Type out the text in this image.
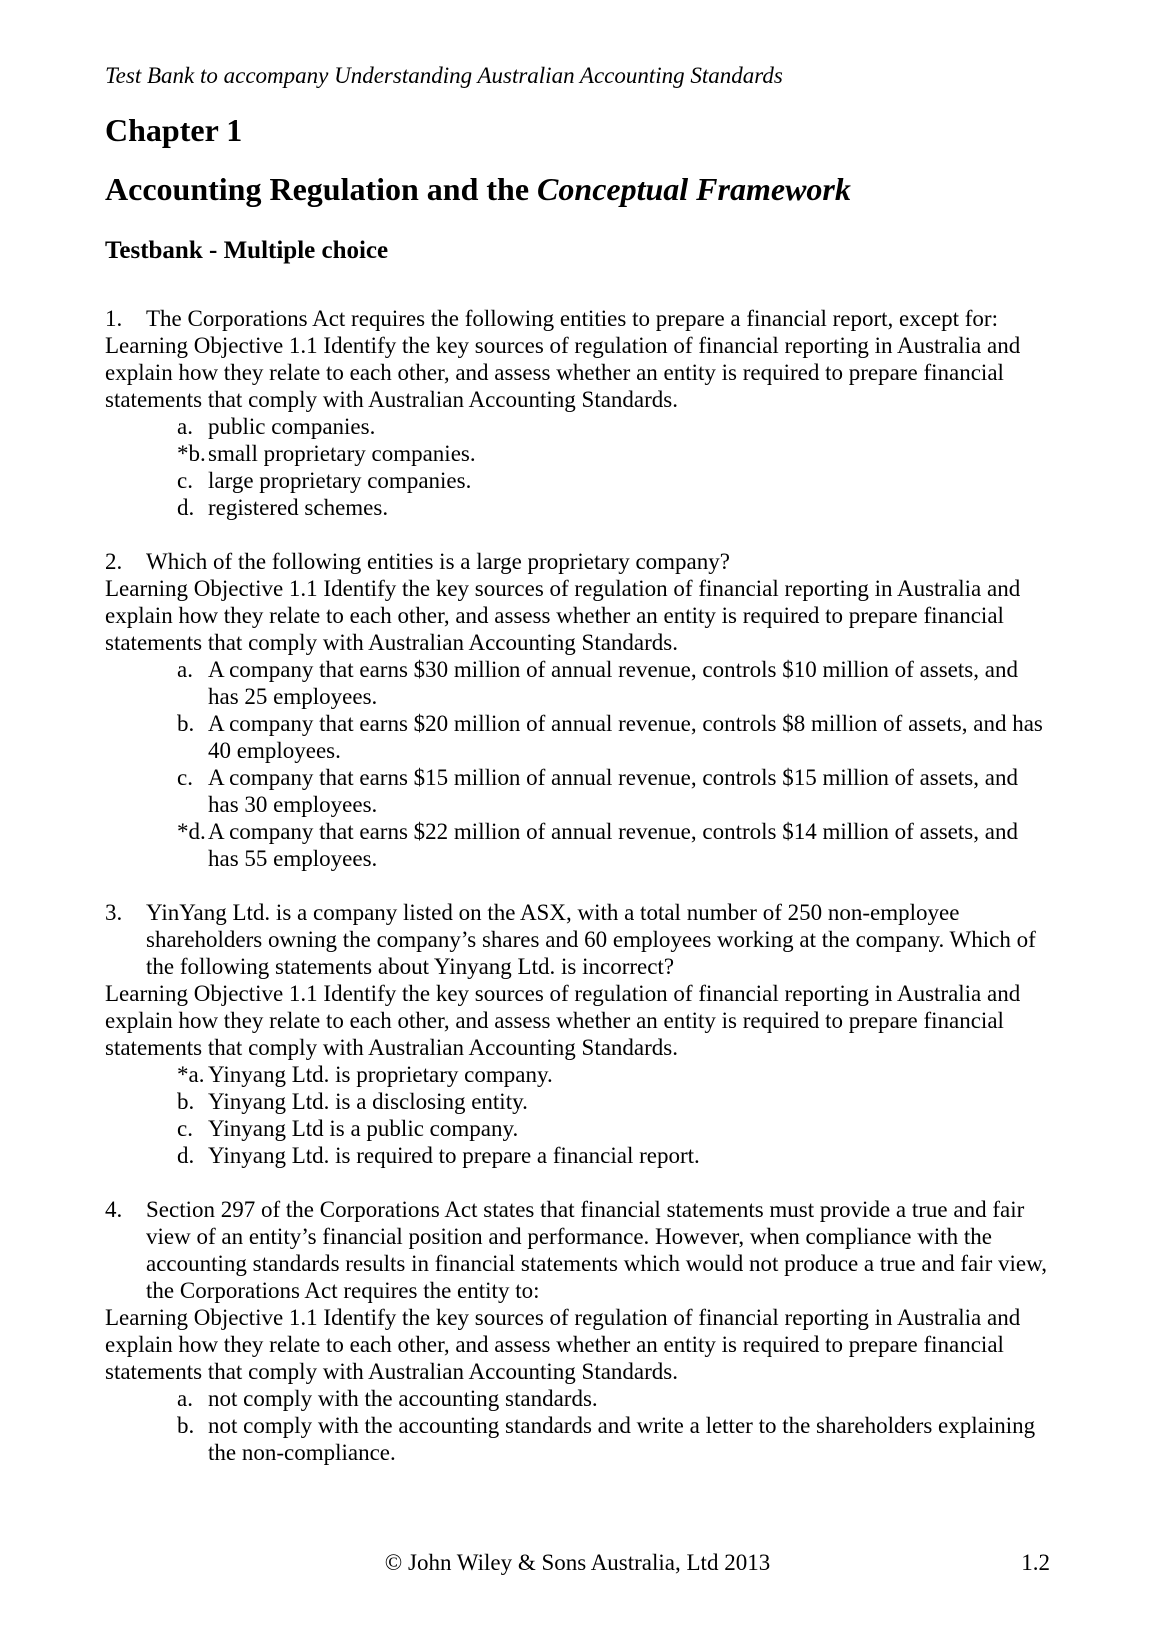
Test Bank to accompany Understanding Australian Accounting Standards
Chapter 1
Accounting Regulation and the Conceptual Framework
Testbank - Multiple choice
1.	The Corporations Act requires the following entities to prepare a financial report, except for:
Learning Objective 1.1 Identify the key sources of regulation of financial reporting in Australia and explain how they relate to each other, and assess whether an entity is required to prepare financial statements that comply with Australian Accounting Standards.
a. public companies.
*b. small proprietary companies.
c. large proprietary companies.
d. registered schemes.
2.	Which of the following entities is a large proprietary company?
Learning Objective 1.1 Identify the key sources of regulation of financial reporting in Australia and explain how they relate to each other, and assess whether an entity is required to prepare financial statements that comply with Australian Accounting Standards.
a. A company that earns $30 million of annual revenue, controls $10 million of assets, and has 25 employees.
b. A company that earns $20 million of annual revenue, controls $8 million of assets, and has 40 employees.
c. A company that earns $15 million of annual revenue, controls $15 million of assets, and has 30 employees.
*d. A company that earns $22 million of annual revenue, controls $14 million of assets, and has 55 employees.
3.	YinYang Ltd. is a company listed on the ASX, with a total number of 250 non-employee shareholders owning the company’s shares and 60 employees working at the company. Which of the following statements about Yinyang Ltd. is incorrect?
Learning Objective 1.1 Identify the key sources of regulation of financial reporting in Australia and explain how they relate to each other, and assess whether an entity is required to prepare financial statements that comply with Australian Accounting Standards.
*a. Yinyang Ltd. is proprietary company.
b. Yinyang Ltd. is a disclosing entity.
c. Yinyang Ltd is a public company.
d. Yinyang Ltd. is required to prepare a financial report.
4.	Section 297 of the Corporations Act states that financial statements must provide a true and fair view of an entity’s financial position and performance. However, when compliance with the accounting standards results in financial statements which would not produce a true and fair view, the Corporations Act requires the entity to:
Learning Objective 1.1 Identify the key sources of regulation of financial reporting in Australia and explain how they relate to each other, and assess whether an entity is required to prepare financial statements that comply with Australian Accounting Standards.
a. not comply with the accounting standards.
b. not comply with the accounting standards and write a letter to the shareholders explaining the non-compliance.
© John Wiley & Sons Australia, Ltd 2013	1.2
